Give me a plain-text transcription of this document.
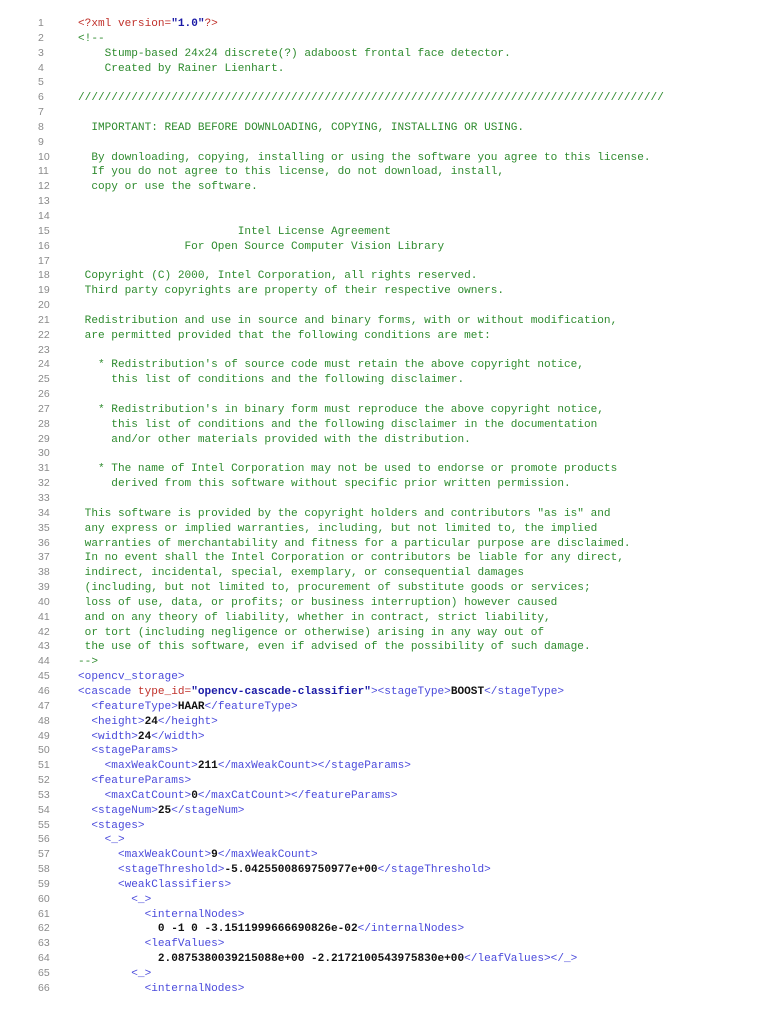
1	<?xml version="1.0"?>
2	<!--
3	Stump-based 24x24 discrete(?) adaboost frontal face detector.
4	Created by Rainer Lienhart.
5
6	////////////////////////////////////////////////////////////////////////////////////////
7
8	IMPORTANT: READ BEFORE DOWNLOADING, COPYING, INSTALLING OR USING.
9
10	By downloading, copying, installing or using the software you agree to this license.
11	If you do not agree to this license, do not download, install,
12	copy or use the software.
13
14
15	Intel License Agreement
16	For Open Source Computer Vision Library
17
18	Copyright (C) 2000, Intel Corporation, all rights reserved.
19	Third party copyrights are property of their respective owners.
20
21	Redistribution and use in source and binary forms, with or without modification,
22	are permitted provided that the following conditions are met:
23
24	* Redistribution's of source code must retain the above copyright notice,
25	this list of conditions and the following disclaimer.
26
27	* Redistribution's in binary form must reproduce the above copyright notice,
28	this list of conditions and the following disclaimer in the documentation
29	and/or other materials provided with the distribution.
30
31	* The name of Intel Corporation may not be used to endorse or promote products
32	derived from this software without specific prior written permission.
33
34	This software is provided by the copyright holders and contributors "as is" and
35	any express or implied warranties, including, but not limited to, the implied
36	warranties of merchantability and fitness for a particular purpose are disclaimed.
37	In no event shall the Intel Corporation or contributors be liable for any direct,
38	indirect, incidental, special, exemplary, or consequential damages
39	(including, but not limited to, procurement of substitute goods or services;
40	loss of use, data, or profits; or business interruption) however caused
41	and on any theory of liability, whether in contract, strict liability,
42	or tort (including negligence or otherwise) arising in any way out of
43	the use of this software, even if advised of the possibility of such damage.
44	-->
45	<opencv_storage>
46	<cascade type_id="opencv-cascade-classifier"><stageType>BOOST</stageType>
47	<featureType>HAAR</featureType>
48	<height>24</height>
49	<width>24</width>
50	<stageParams>
51	<maxWeakCount>211</maxWeakCount></stageParams>
52	<featureParams>
53	<maxCatCount>0</maxCatCount></featureParams>
54	<stageNum>25</stageNum>
55	<stages>
56	<_>
57	<maxWeakCount>9</maxWeakCount>
58	<stageThreshold>-5.0425500869750977e+00</stageThreshold>
59	<weakClassifiers>
60	<_>
61	<internalNodes>
62	0 -1 0 -3.1511999666690826e-02</internalNodes>
63	<leafValues>
64	2.0875380039215088e+00 -2.2172100543975830e+00</leafValues></_>
65	<_>
66	<internalNodes>
